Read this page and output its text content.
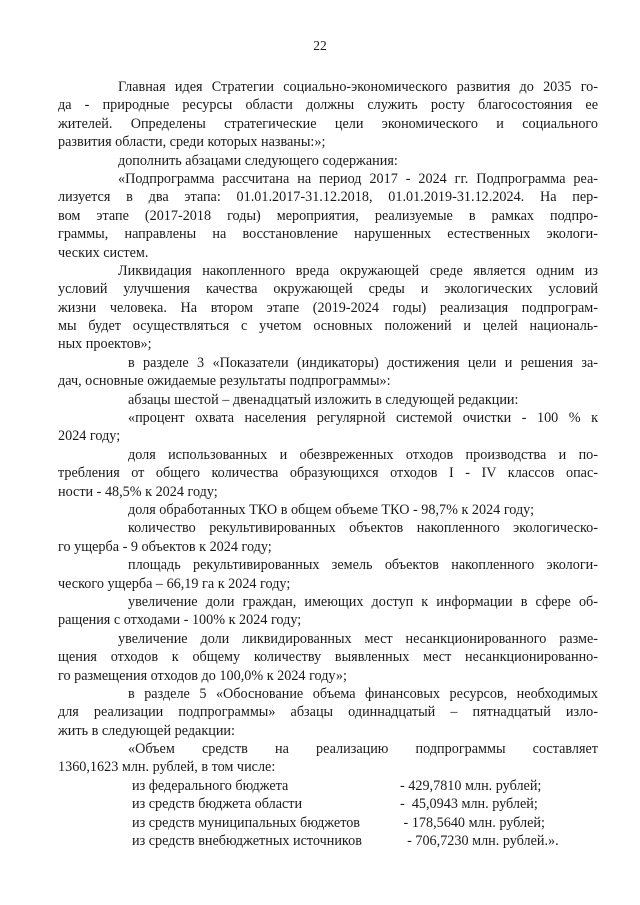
22
Главная идея Стратегии социально-экономического развития до 2035 го-
да - природные ресурсы области должны служить росту благосостояния ее
жителей. Определены стратегические цели экономического и социального
развития области, среди которых названы:»;
дополнить абзацами следующего содержания:
«Подпрограмма рассчитана на период 2017 - 2024 гг. Подпрограмма реа-
лизуется в два этапа: 01.01.2017-31.12.2018, 01.01.2019-31.12.2024. На пер-
вом этапе (2017-2018 годы) мероприятия, реализуемые в рамках подпро-
граммы, направлены на восстановление нарушенных естественных экологи-
ческих систем.
Ликвидация накопленного вреда окружающей среде является одним из
условий улучшения качества окружающей среды и экологических условий
жизни человека. На втором этапе (2019-2024 годы) реализация подпрограм-
мы будет осуществляться с учетом основных положений и целей националь-
ных проектов»;
в разделе 3 «Показатели (индикаторы) достижения цели и решения за-
дач, основные ожидаемые результаты подпрограммы»:
абзацы шестой – двенадцатый изложить в следующей редакции:
«процент охвата населения регулярной системой очистки - 100 % к
2024 году;
доля использованных и обезвреженных отходов производства и по-
требления от общего количества образующихся отходов I - IV классов опас-
ности - 48,5% к 2024 году;
доля обработанных ТКО в общем объеме ТКО - 98,7% к 2024 году;
количество рекультивированных объектов накопленного экологическо-
го ущерба - 9 объектов к 2024 году;
площадь рекультивированных земель объектов накопленного экологи-
ческого ущерба – 66,19 га к 2024 году;
увеличение доли граждан, имеющих доступ к информации в сфере об-
ращения с отходами - 100% к 2024 году;
увеличение доли ликвидированных мест несанкционированного разме-
щения отходов к общему количеству выявленных мест несанкционированно-
го размещения отходов до 100,0% к 2024 году»;
в разделе 5 «Обоснование объема финансовых ресурсов, необходимых
для реализации подпрограммы» абзацы одиннадцатый – пятнадцатый излo-
жить в следующей редакции:
«Объем средств на реализацию подпрограммы составляет
1360,1623 млн. рублей, в том числе:
из федерального бюджета	- 429,7810 млн. рублей;
из средств бюджета области	-  45,0943 млн. рублей;
из средств муниципальных бюджетов	- 178,5640 млн. рублей;
из средств внебюджетных источников	- 706,7230 млн. рублей.».
